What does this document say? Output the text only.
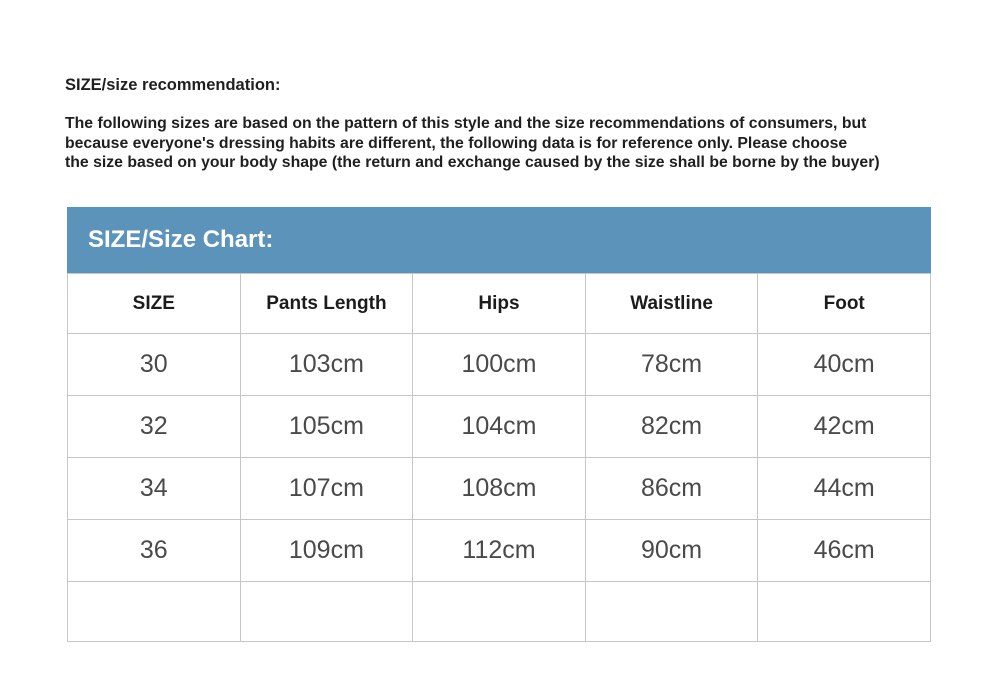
SIZE/size recommendation:
The following sizes are based on the pattern of this style and the size recommendations of consumers, but
because everyone's dressing habits are different, the following data is for reference only. Please choose
the size based on your body shape (the return and exchange caused by the size shall be borne by the buyer)
SIZE/Size Chart:
SIZE	Pants Length	Hips	Waistline	Foot
30	103cm	100cm	78cm	40cm
32	105cm	104cm	82cm	42cm
34	107cm	108cm	86cm	44cm
36	109cm	112cm	90cm	46cm
